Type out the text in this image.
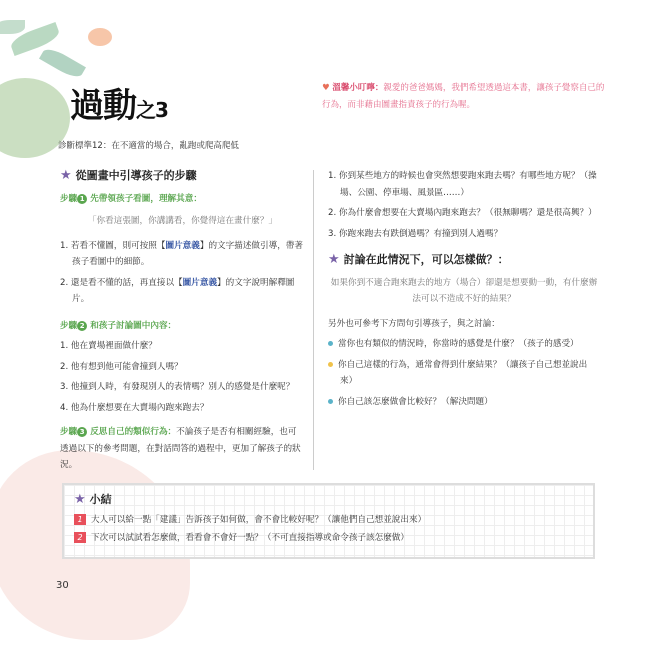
過動之3
診斷標準12：在不適當的場合，亂跑或爬高爬低
♥ 溫馨小叮嚀：親愛的爸爸媽媽，我們希望透過這本書，讓孩子覺察自己的行為，而非藉由圖畫指責孩子的行為喔。
★ 從圖畫中引導孩子的步驟
步驟 1 先帶領孩子看圖，理解其意：
「你看這張圖，你講講看，你覺得這在畫什麼？」
1. 若看不懂圖，則可按照【圖片意義】的文字描述做引導，帶著孩子看圖中的細節。
2. 還是看不懂的話，再直接以【圖片意義】的文字說明解釋圖片。
步驟 2 和孩子討論圖中內容：
1. 他在賣場裡面做什麼？
2. 他有想到他可能會撞到人嗎？
3. 他撞到人時，有發現別人的表情嗎？別人的感覺是什麼呢？
4. 他為什麼想要在大賣場內跑來跑去？
步驟 3 反思自己的類似行為：不論孩子是否有相關經驗，也可透過以下的參考問題，在對話問答的過程中，更加了解孩子的狀況。
1. 你到某些地方的時候也會突然想要跑來跑去嗎？有哪些地方呢？（操場、公園、停車場、風景區……）
2. 你為什麼會想要在大賣場內跑來跑去？（很無聊嗎？還是很高興？）
3. 你跑來跑去有跌倒過嗎？有撞到別人過嗎？
★ 討論在此情況下，可以怎樣做？：
如果你到不適合跑來跑去的地方（場合）卻還是想要動一動，有什麼辦法可以不造成不好的結果？
另外也可參考下方問句引導孩子，與之討論：
當你也有類似的情況時，你當時的感覺是什麼？（孩子的感受）
你自己這樣的行為，通常會得到什麼結果？（讓孩子自己想並說出來）
你自己該怎麼做會比較好？（解決問題）
★ 小結
1 大人可以給一點「建議」告訴孩子如何做，會不會比較好呢？（讓他們自己想並說出來）
2 下次可以試試看怎麼做，看看會不會好一點？（不可直接指導或命令孩子該怎麼做）
30
